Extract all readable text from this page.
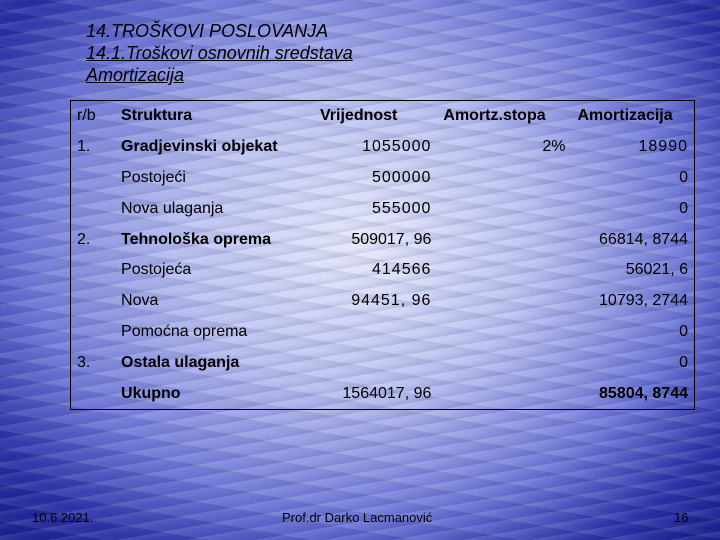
14.TROŠKOVI POSLOVANJA
14.1.Troškovi osnovnih sredstava
Amortizacija
r/b	Struktura	Vrijednost	Amortz.stopa	Amortizacija
1.	Gradjevinski objekat	1055000	2%	18990
	Postojeći	500000		0
	Nova ulaganja	555000		0
2.	Tehnološka oprema	509017, 96		66814, 8744
	Postojeća	414566		56021, 6
	Nova	94451, 96		10793, 2744
	Pomoćna oprema			0
3.	Ostala ulaganja			0
	Ukupno	1564017, 96		85804, 8744
10.6.2021.	Prof.dr Darko Lacmanović	16
